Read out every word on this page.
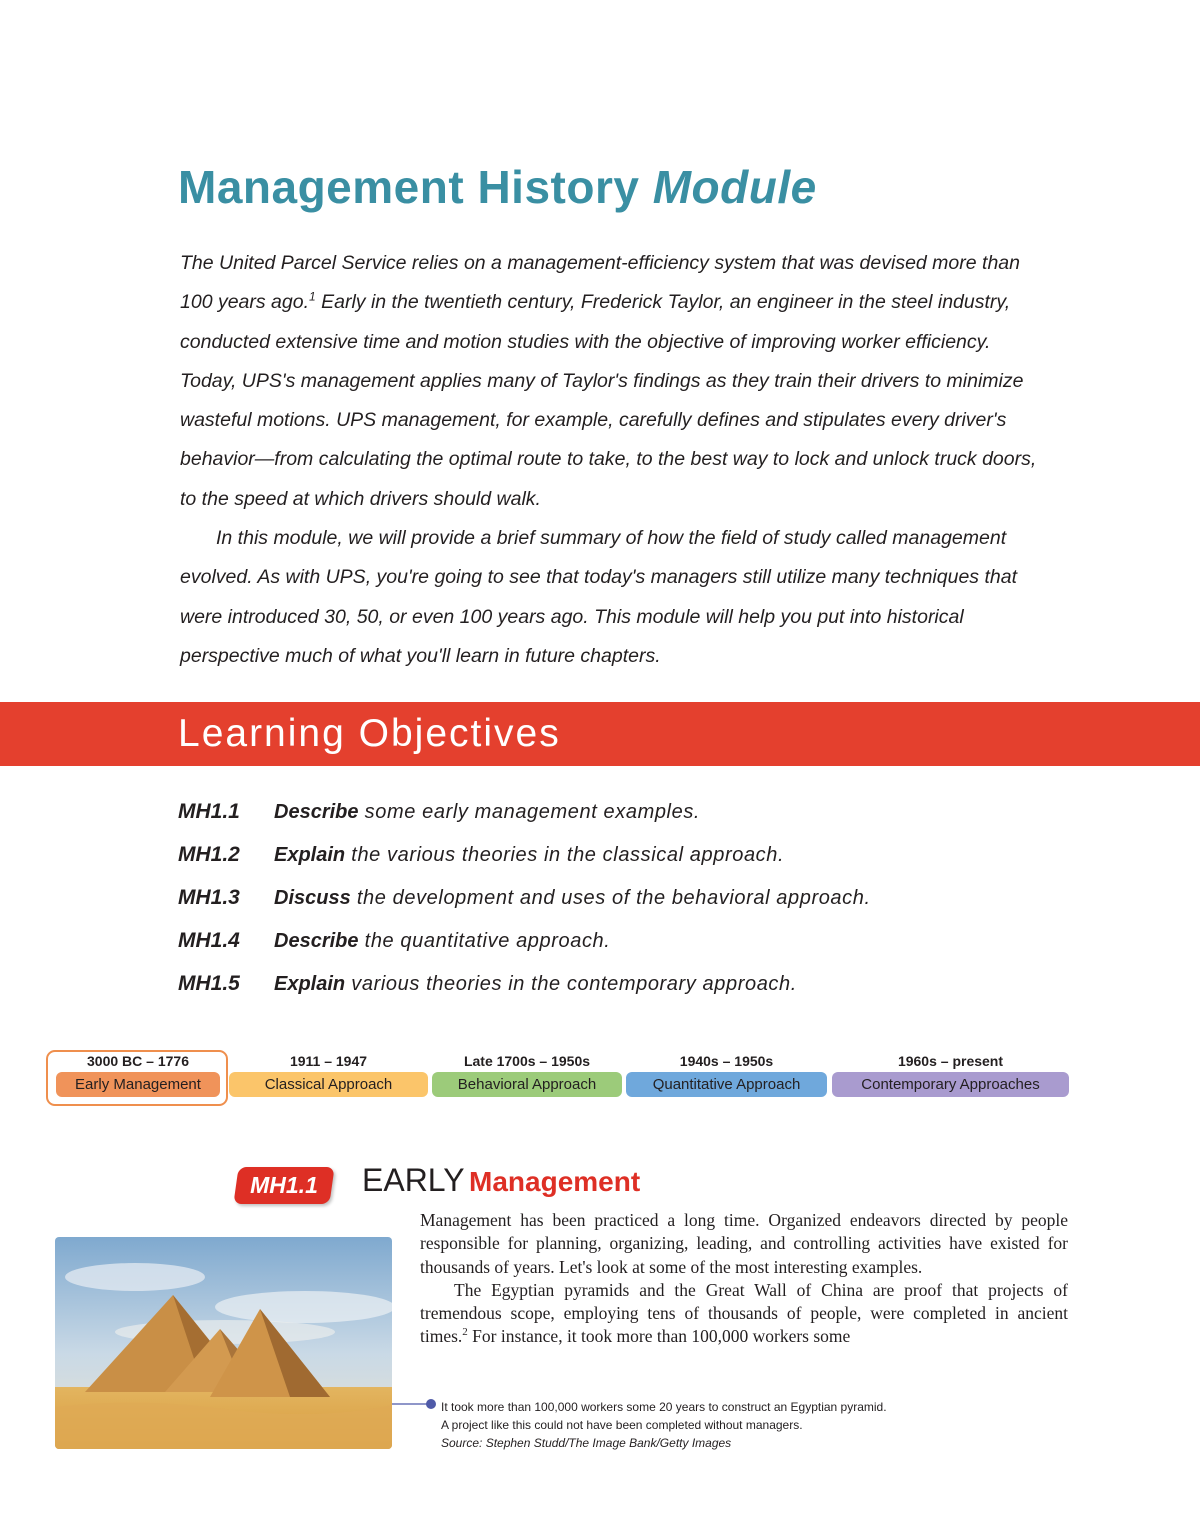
Management History Module

The United Parcel Service relies on a management-efficiency system that was devised more than 100 years ago.$^1$ Early in the twentieth century, Frederick Taylor, an engineer in the steel industry, conducted extensive time and motion studies with the objective of improving worker efficiency. Today, UPS's management applies many of Taylor's findings as they train their drivers to minimize wasteful motions. UPS management, for example, carefully defines and stipulates every driver's behavior—from calculating the optimal route to take, to the best way to lock and unlock truck doors, to the speed at which drivers should walk.

In this module, we will provide a brief summary of how the field of study called management evolved. As with UPS, you're going to see that today's managers still utilize many techniques that were introduced 30, 50, or even 100 years ago. This module will help you put into historical perspective much of what you'll learn in future chapters.

Learning Objectives
MH1.1 Describe some early management examples.
MH1.2 Explain the various theories in the classical approach.
MH1.3 Discuss the development and uses of the behavioral approach.
MH1.4 Describe the quantitative approach.
MH1.5 Explain various theories in the contemporary approach.
3000 BC – 1776
Early Management
1911 – 1947
Classical Approach
Late 1700s – 1950s
Behavioral Approach
1940s – 1950s
Quantitative Approach
1960s – present
Contemporary Approaches
MH1.1	EARLY Management

Management has been practiced a long time. Organized endeavors directed by people responsible for planning, organizing, leading, and controlling activities have existed for thousands of years. Let's look at some of the most interesting examples.

The Egyptian pyramids and the Great Wall of China are proof that projects of tremendous scope, employing tens of thousands of people, were completed in ancient times.$^2$ For instance, it took more than 100,000 workers some

It took more than 100,000 workers some 20 years to construct an Egyptian pyramid.
A project like this could not have been completed without managers.
Source: Stephen Studd/The Image Bank/Getty Images
